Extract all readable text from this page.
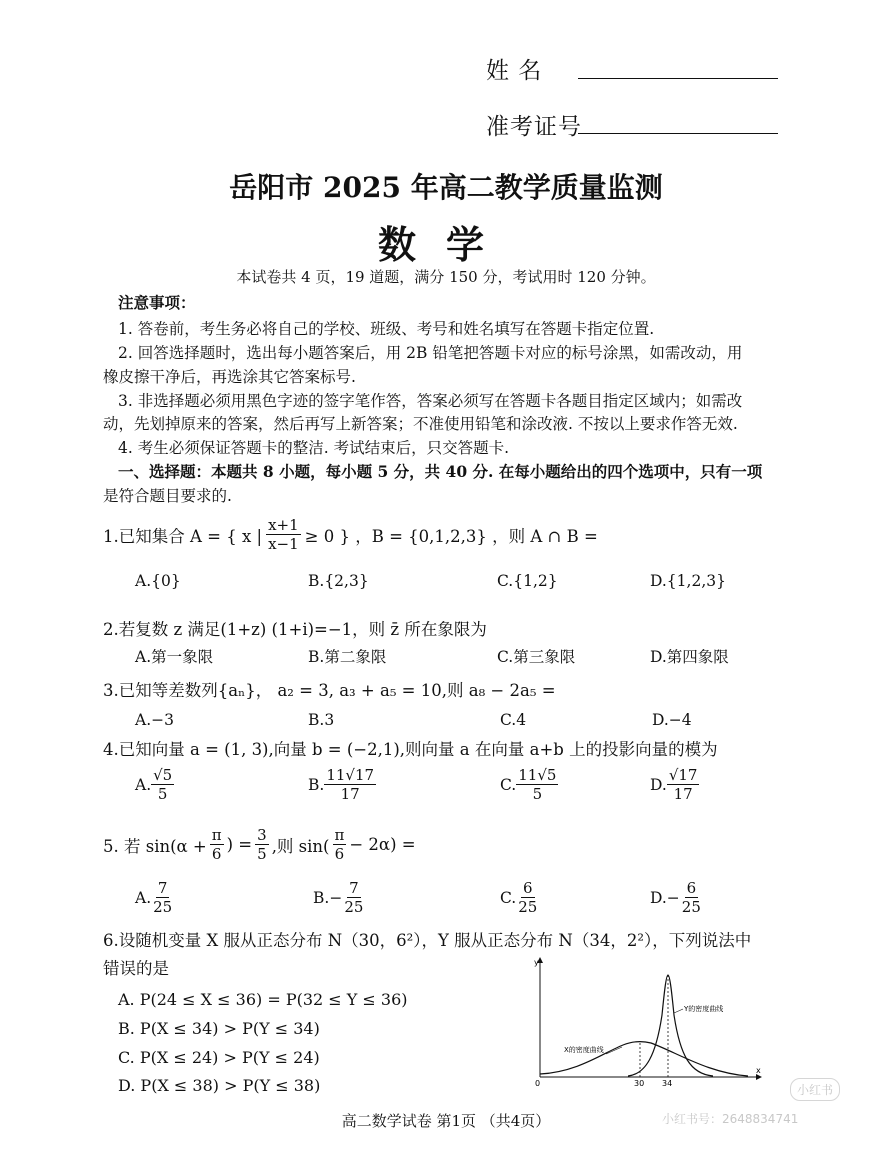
姓 名
准考证号
岳阳市 2025 年高二教学质量监测
数学
本试卷共 4 页，19 道题，满分 150 分，考试用时 120 分钟。
注意事项：
1. 答卷前，考生务必将自己的学校、班级、考号和姓名填写在答题卡指定位置.
2. 回答选择题时，选出每小题答案后，用 2B 铅笔把答题卡对应的标号涂黑，如需改动，用
橡皮擦干净后，再选涂其它答案标号.
3. 非选择题必须用黑色字迹的签字笔作答，答案必须写在答题卡各题目指定区域内；如需改
动，先划掉原来的答案，然后再写上新答案；不准使用铅笔和涂改液. 不按以上要求作答无效.
4. 考生必须保证答题卡的整洁. 考试结束后，只交答题卡.
一、选择题：本题共 8 小题，每小题 5 分，共 40 分. 在每小题给出的四个选项中，只有一项
是符合题目要求的.
1.已知集合 A = { x | $\frac{x+1}{x-1} \ge 0$ } ，B = {0,1,2,3} ，则 A ∩ B =
A.{0}	B.{2,3}	C.{1,2}	D.{1,2,3}
2.若复数 z 满足(1+z) (1+i)=−1，则 z̄ 所在象限为
A.第一象限	B.第二象限	C.第三象限	D.第四象限
3.已知等差数列{aₙ}， a₂ = 3, a₃ + a₅ = 10,则 a₈ − 2a₅ =
A.−3	B.3	C.4	D.−4
4.已知向量 a = (1, 3),向量 b = (−2,1),则向量 a 在向量 a+b 上的投影向量的模为
A. $\frac{√5}{5}$	B. $\frac{11√17}{17}$	C. $\frac{11√5}{5}$	D. $\frac{√17}{17}$
5. 若 $\sin(\alpha + \frac{\pi}{6}$ ) = $\frac{3}{5}$ ,则 $\sin( \frac{\pi}{6} - 2\alpha)$ =
A. $\frac{7}{25}$	$B.- \frac{7}{25}$	C. $\frac{6}{25}$	$D.- \frac{6}{25}$
6.设随机变量 X 服从正态分布 N（30，6²），Y 服从正态分布 N（34，2²），下列说法中
错误的是
A. P(24 ≤ X ≤ 36) = P(32 ≤ Y ≤ 36)
B. P(X ≤ 34) > P(Y ≤ 34)
C. P(X ≤ 24) > P(Y ≤ 24)
D. P(X ≤ 38) > P(Y ≤ 38)
y
x
0	30 34
X的密度曲线
Y的密度曲线
高二数学试卷 第1页 （共4页）
小红书
小红书号：2648834741
